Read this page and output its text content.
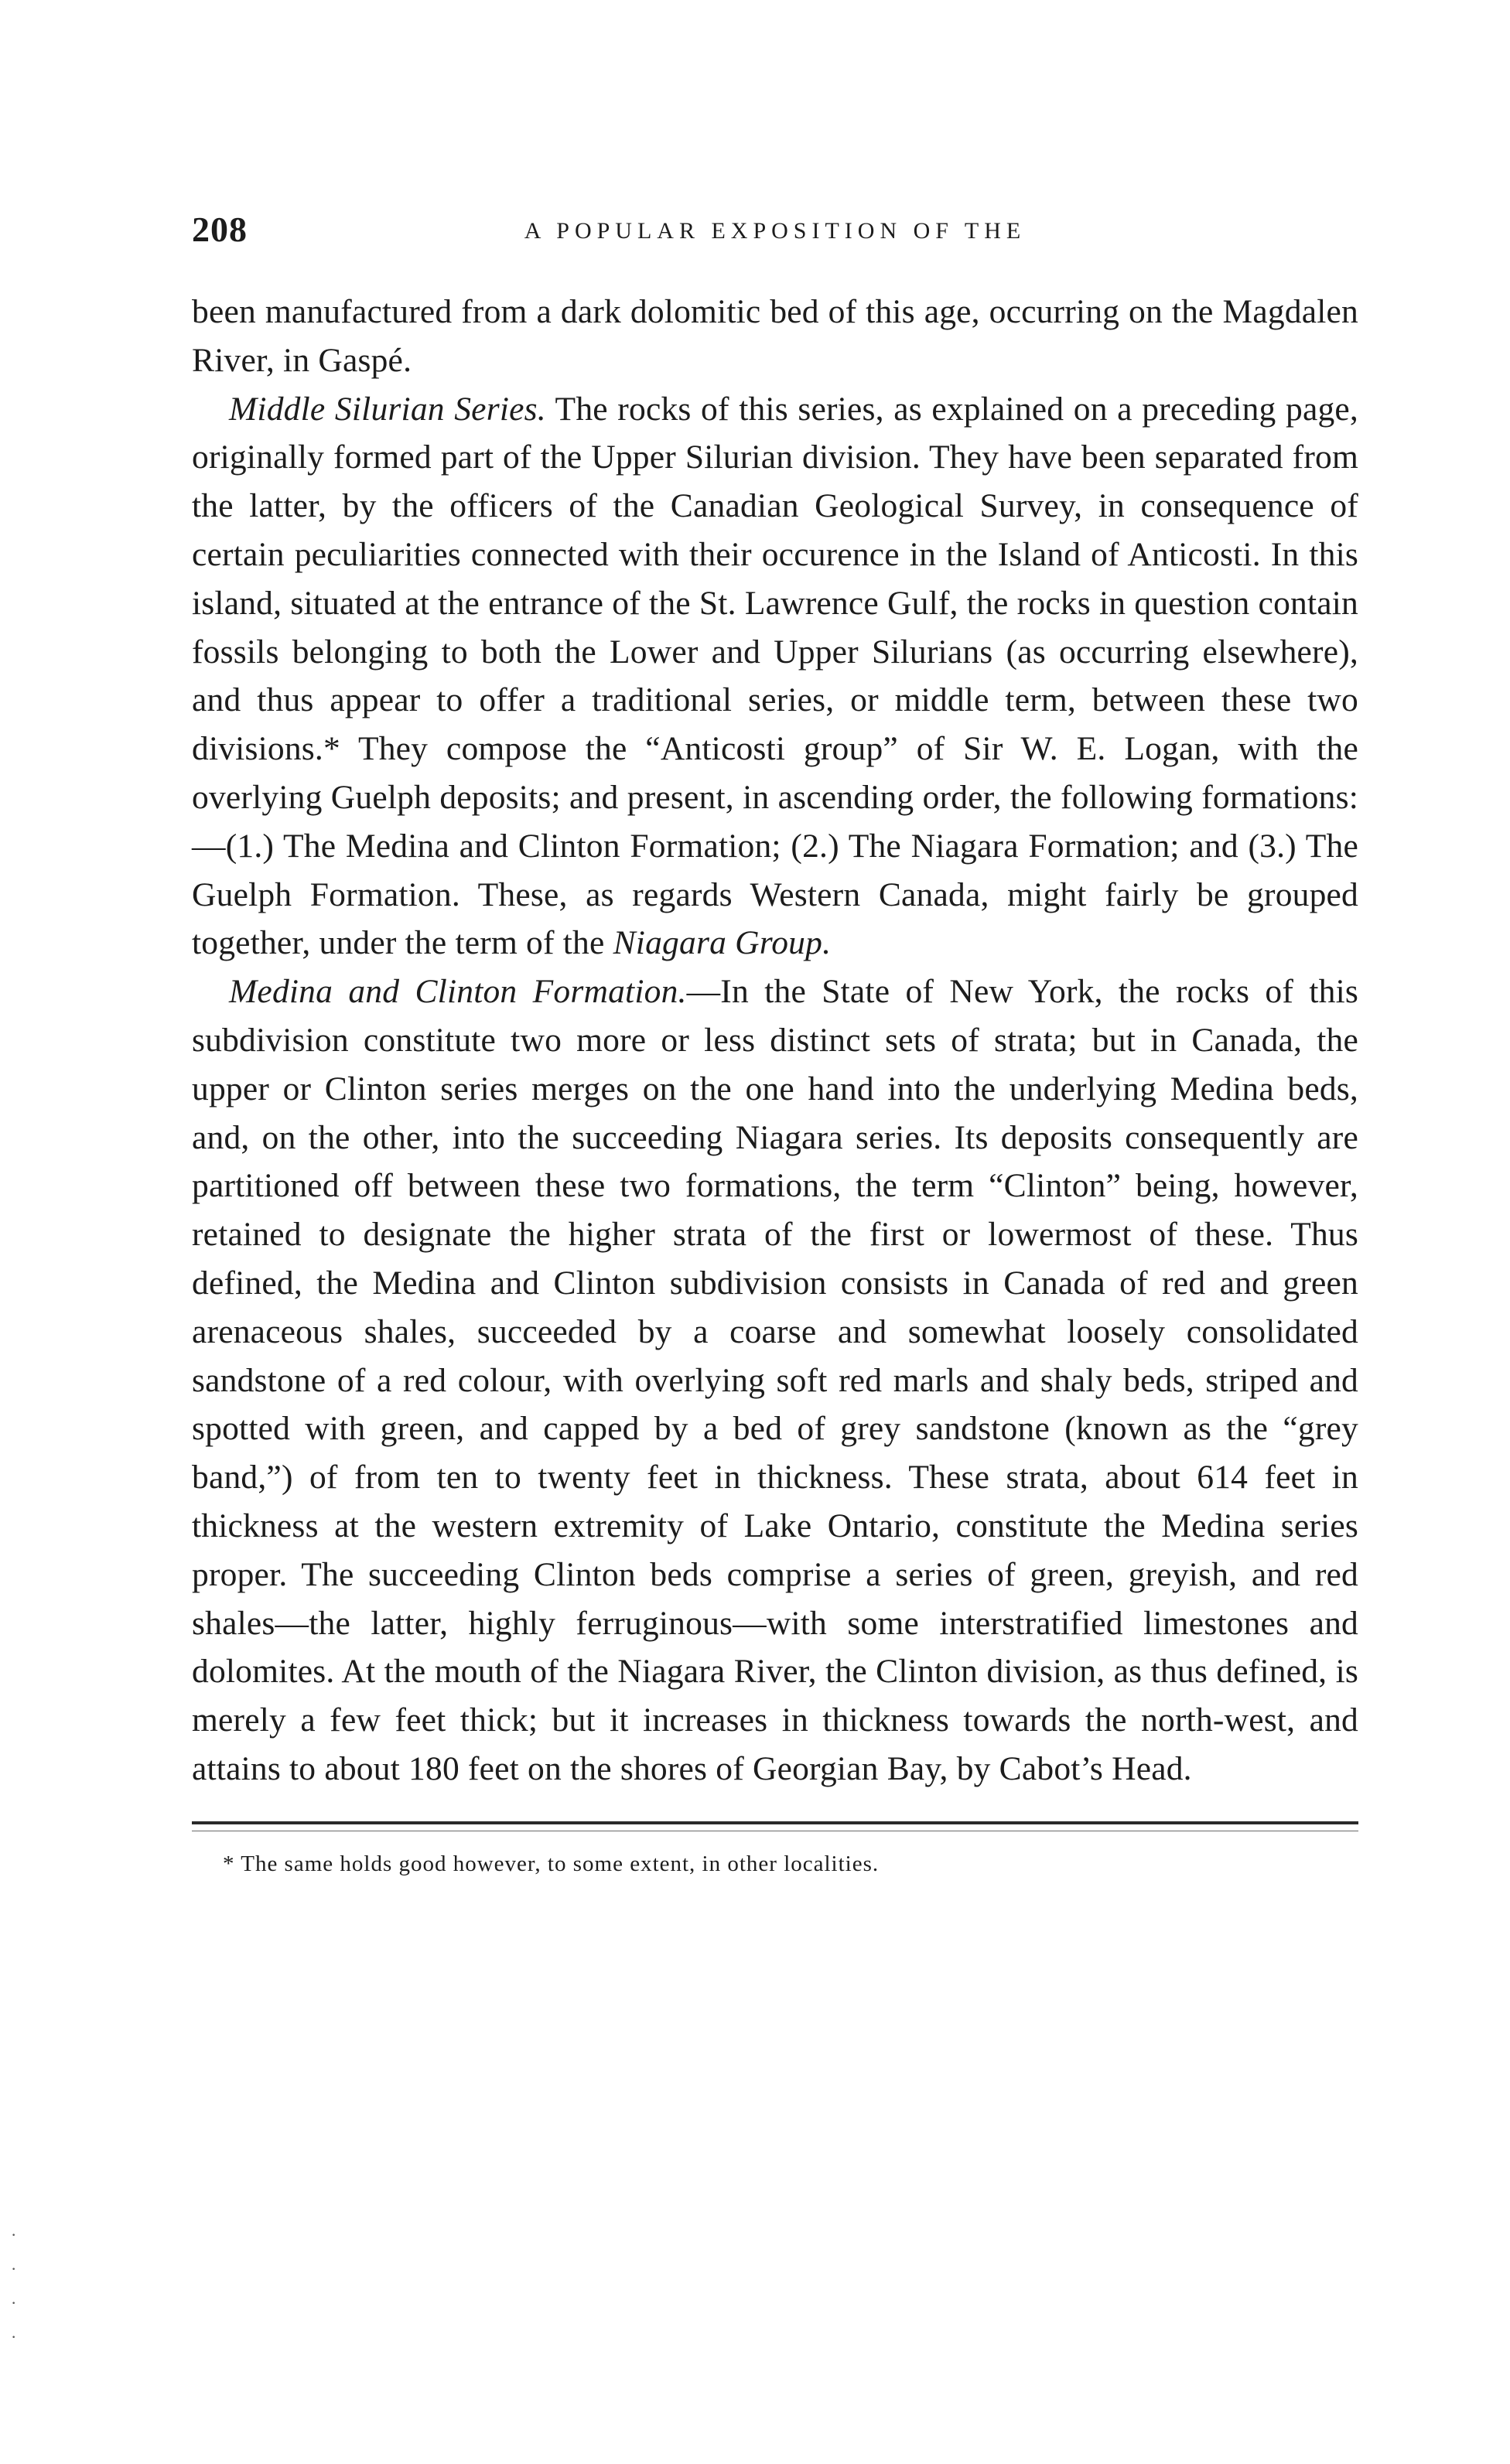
208	A POPULAR EXPOSITION OF THE

been manufactured from a dark dolomitic bed of this age, occurring on the Magdalen River, in Gaspé.

Middle Silurian Series. The rocks of this series, as explained on a preceding page, originally formed part of the Upper Silurian division. They have been separated from the latter, by the officers of the Canadian Geological Survey, in consequence of certain peculiarities connected with their occurence in the Island of Anticosti. In this island, situated at the entrance of the St. Lawrence Gulf, the rocks in question contain fossils belonging to both the Lower and Upper Silurians (as occurring elsewhere), and thus appear to offer a traditional series, or middle term, between these two divisions.* They compose the “Anticosti group” of Sir W. E. Logan, with the overlying Guelph deposits; and present, in ascending order, the following formations:—(1.) The Medina and Clinton Formation; (2.) The Niagara Formation; and (3.) The Guelph Formation. These, as regards Western Canada, might fairly be grouped together, under the term of the Niagara Group.

Medina and Clinton Formation.—In the State of New York, the rocks of this subdivision constitute two more or less distinct sets of strata; but in Canada, the upper or Clinton series merges on the one hand into the underlying Medina beds, and, on the other, into the succeeding Niagara series. Its deposits consequently are partitioned off between these two formations, the term “Clinton” being, however, retained to designate the higher strata of the first or lowermost of these. Thus defined, the Medina and Clinton subdivision consists in Canada of red and green arenaceous shales, succeeded by a coarse and somewhat loosely consolidated sandstone of a red colour, with overlying soft red marls and shaly beds, striped and spotted with green, and capped by a bed of grey sandstone (known as the “grey band,”) of from ten to twenty feet in thickness. These strata, about 614 feet in thickness at the western extremity of Lake Ontario, constitute the Medina series proper. The succeeding Clinton beds comprise a series of green, greyish, and red shales—the latter, highly ferruginous—with some interstratified limestones and dolomites. At the mouth of the Niagara River, the Clinton division, as thus defined, is merely a few feet thick; but it increases in thickness towards the north-west, and attains to about 180 feet on the shores of Georgian Bay, by Cabot’s Head.

* The same holds good however, to some extent, in other localities.

·
·
·
·
